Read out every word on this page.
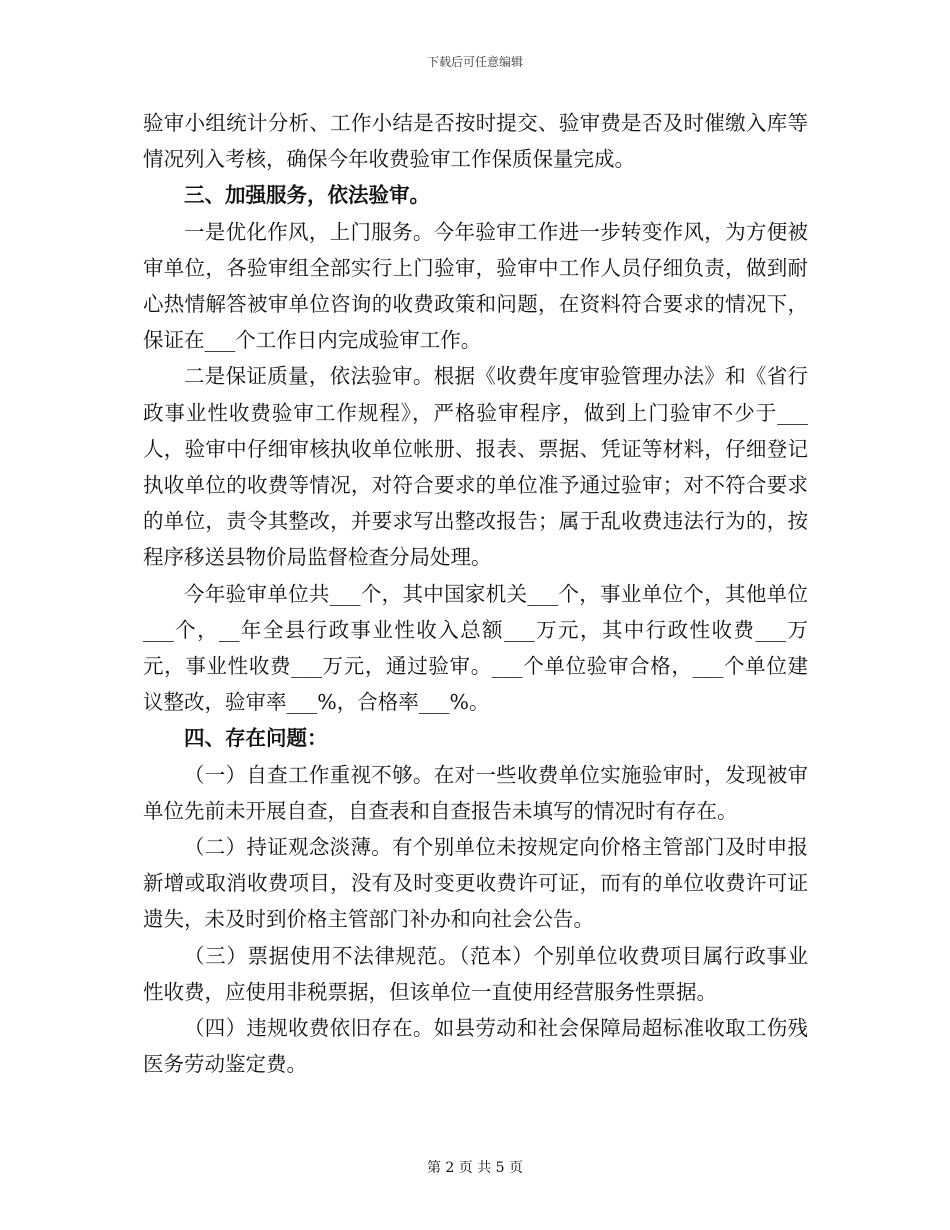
下载后可任意编辑

验审小组统计分析、工作小结是否按时提交、验审费是否及时催缴入库等情况列入考核，确保今年收费验审工作保质保量完成。

三、加强服务，依法验审。

一是优化作风，上门服务。今年验审工作进一步转变作风，为方便被审单位，各验审组全部实行上门验审，验审中工作人员仔细负责，做到耐心热情解答被审单位咨询的收费政策和问题，在资料符合要求的情况下，保证在___个工作日内完成验审工作。

二是保证质量，依法验审。根据《收费年度审验管理办法》和《省行政事业性收费验审工作规程》，严格验审程序，做到上门验审不少于___人，验审中仔细审核执收单位帐册、报表、票据、凭证等材料，仔细登记执收单位的收费等情况，对符合要求的单位准予通过验审；对不符合要求的单位，责令其整改，并要求写出整改报告；属于乱收费违法行为的，按程序移送县物价局监督检查分局处理。

今年验审单位共___个，其中国家机关___个，事业单位个，其他单位___个，__年全县行政事业性收入总额___万元，其中行政性收费___万元，事业性收费___万元，通过验审。___个单位验审合格，___个单位建议整改，验审率___%，合格率___%。

四、存在问题：

（一）自查工作重视不够。在对一些收费单位实施验审时，发现被审单位先前未开展自查，自查表和自查报告未填写的情况时有存在。

（二）持证观念淡薄。有个别单位未按规定向价格主管部门及时申报新增或取消收费项目，没有及时变更收费许可证，而有的单位收费许可证遗失，未及时到价格主管部门补办和向社会公告。

（三）票据使用不法律规范。（范本）个别单位收费项目属行政事业性收费，应使用非税票据，但该单位一直使用经营服务性票据。

（四）违规收费依旧存在。如县劳动和社会保障局超标准收取工伤残医务劳动鉴定费。

第 2 页 共 5 页
